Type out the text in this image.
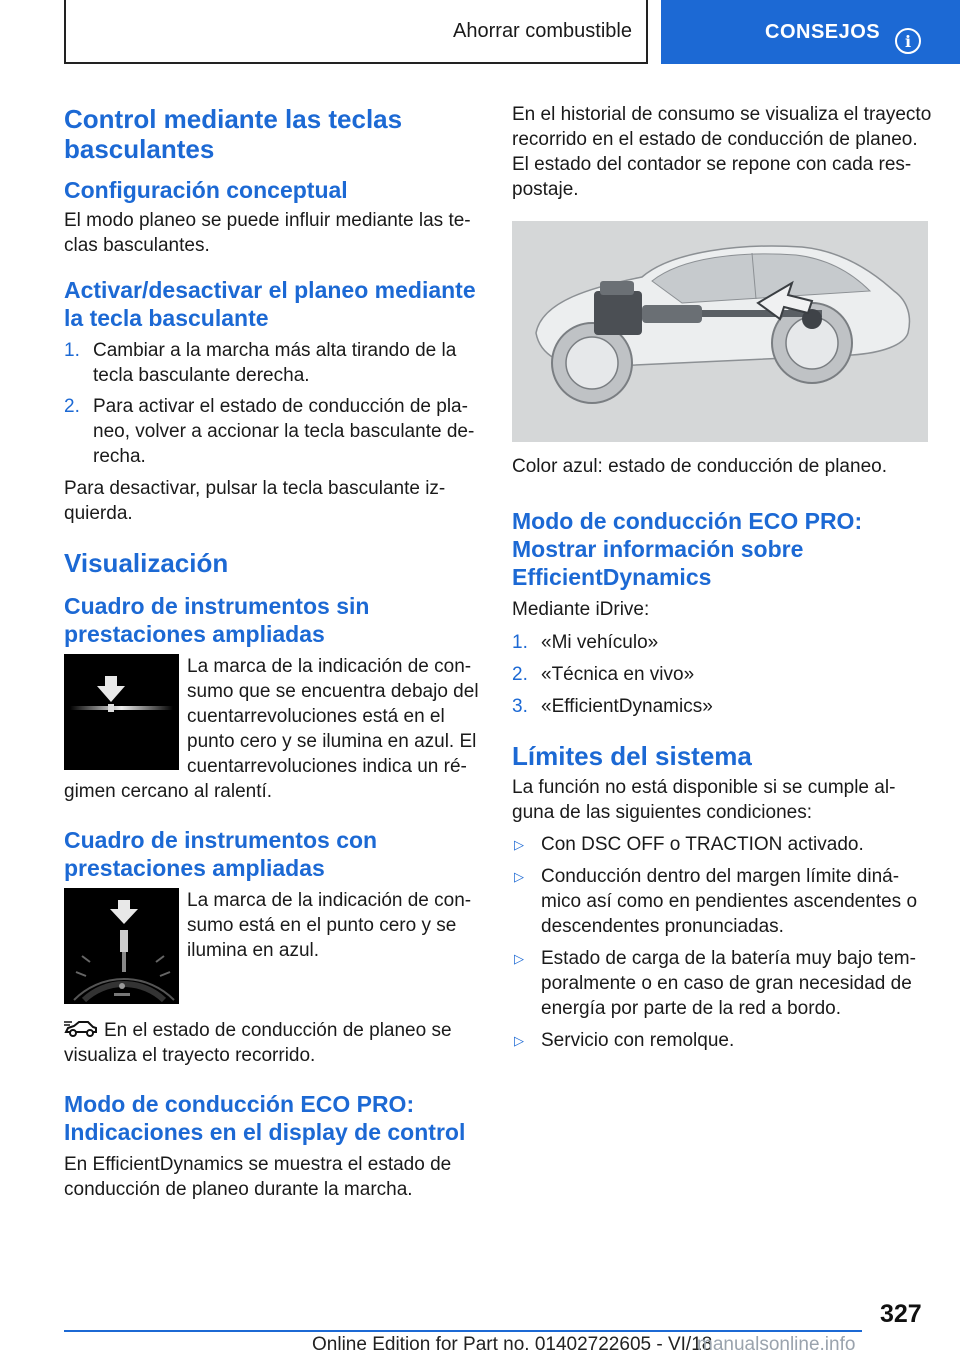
Ahorrar combustible	CONSEJOS i
Control mediante las teclas basculantes
Configuración conceptual

El modo planeo se puede influir mediante las te‐ clas basculantes.

Activar/desactivar el planeo mediante la tecla basculante
1. Cambiar a la marcha más alta tirando de la tecla basculante derecha.
2. Para activar el estado de conducción de pla‐ neo, volver a accionar la tecla basculante de‐ recha.

Para desactivar, pulsar la tecla basculante iz‐ quierda.

Visualización
Cuadro de instrumentos sin prestaciones ampliadas

La marca de la indicación de con‐ sumo que se encuentra debajo del cuentarrevoluciones está en el punto cero y se ilumina en azul. El cuentarrevoluciones indica un ré‐ gimen cercano al ralentí.

Cuadro de instrumentos con prestaciones ampliadas

La marca de la indicación de con‐ sumo está en el punto cero y se ilumina en azul.

En el estado de conducción de planeo se visualiza el trayecto recorrido.

Modo de conducción ECO PRO: Indicaciones en el display de control

En EfficientDynamics se muestra el estado de conducción de planeo durante la marcha.

En el historial de consumo se visualiza el trayecto recorrido en el estado de conducción de planeo. El estado del contador se repone con cada res‐ postaje.

Color azul: estado de conducción de planeo.

Modo de conducción ECO PRO: Mostrar información sobre EfficientDynamics

Mediante iDrive:

1. «Mi vehículo»
2. «Técnica en vivo»
3. «EfficientDynamics»
Límites del sistema

La función no está disponible si se cumple al‐ guna de las siguientes condiciones:

▷ Con DSC OFF o TRACTION activado.
▷ Conducción dentro del margen límite diná‐ mico así como en pendientes ascendentes o descendentes pronunciadas.
▷ Estado de carga de la batería muy bajo tem‐ poralmente o en caso de gran necesidad de energía por parte de la red a bordo.
▷ Servicio con remolque.
327
Online Edition for Part no. 01402722605 - VI/18
manualsonline.info
